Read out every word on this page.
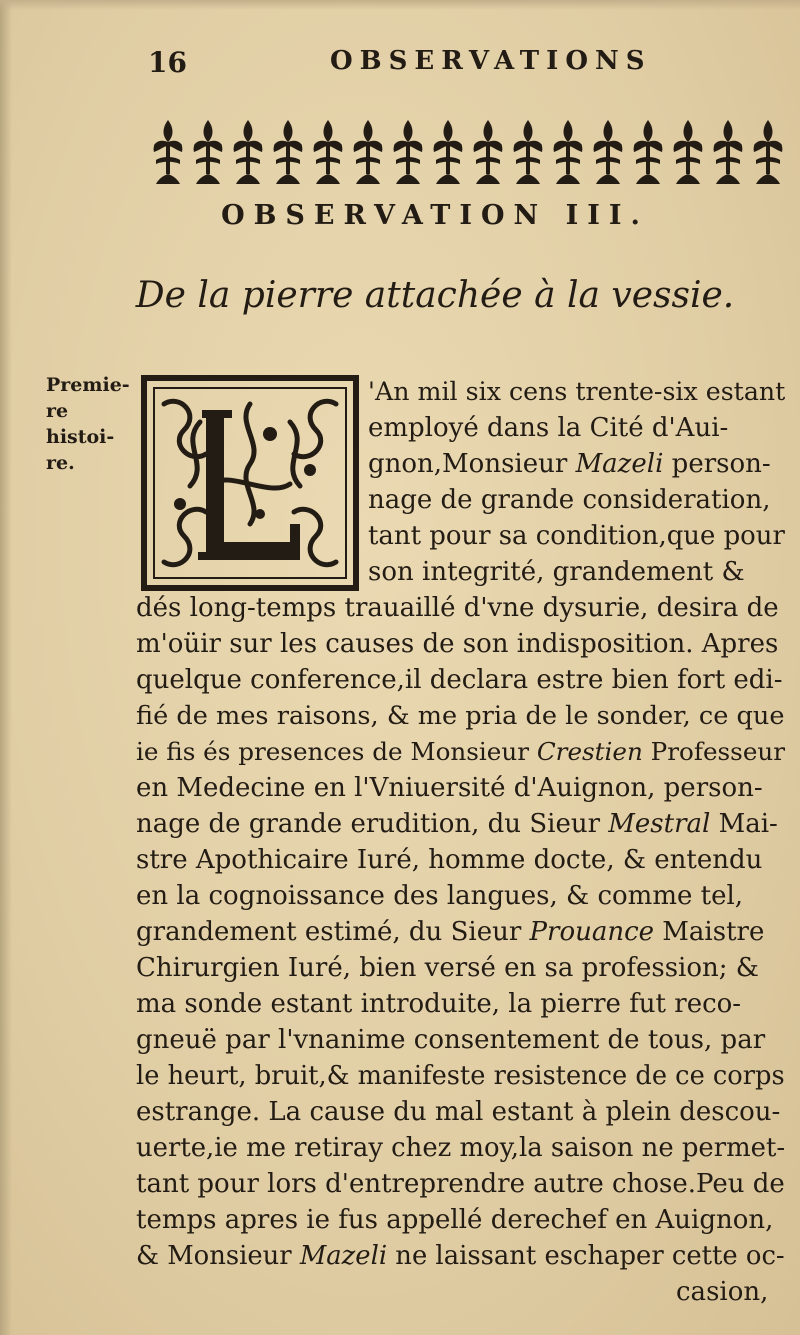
16	OBSERVATIONS
OBSERVATION III.
De la pierre attachée à la vessie.
Premie-
re histoi-
re.
L
'An mil six cens trente-six estant
employé dans la Cité d'Aui-
gnon,Monsieur Mazeli person-
nage de grande consideration,
tant pour sa condition,que pour
son integrité, grandement &
dés long-temps trauaillé d'vne dysurie, desira de
m'oüir sur les causes de son indisposition. Apres
quelque conference,il declara estre bien fort edi-
fié de mes raisons, & me pria de le sonder, ce que
ie fis és presences de Monsieur Crestien Professeur
en Medecine en l'Vniuersité d'Auignon, person-
nage de grande erudition, du Sieur Mestral Mai-
stre Apothicaire Iuré, homme docte, & entendu
en la cognoissance des langues, & comme tel,
grandement estimé, du Sieur Prouance Maistre
Chirurgien Iuré, bien versé en sa profession; &
ma sonde estant introduite, la pierre fut reco-
gneuë par l'vnanime consentement de tous, par
le heurt, bruit,& manifeste resistence de ce corps
estrange. La cause du mal estant à plein descou-
uerte,ie me retiray chez moy,la saison ne permet-
tant pour lors d'entreprendre autre chose.Peu de
temps apres ie fus appellé derechef en Auignon,
& Monsieur Mazeli ne laissant eschaper cette oc-
casion,
